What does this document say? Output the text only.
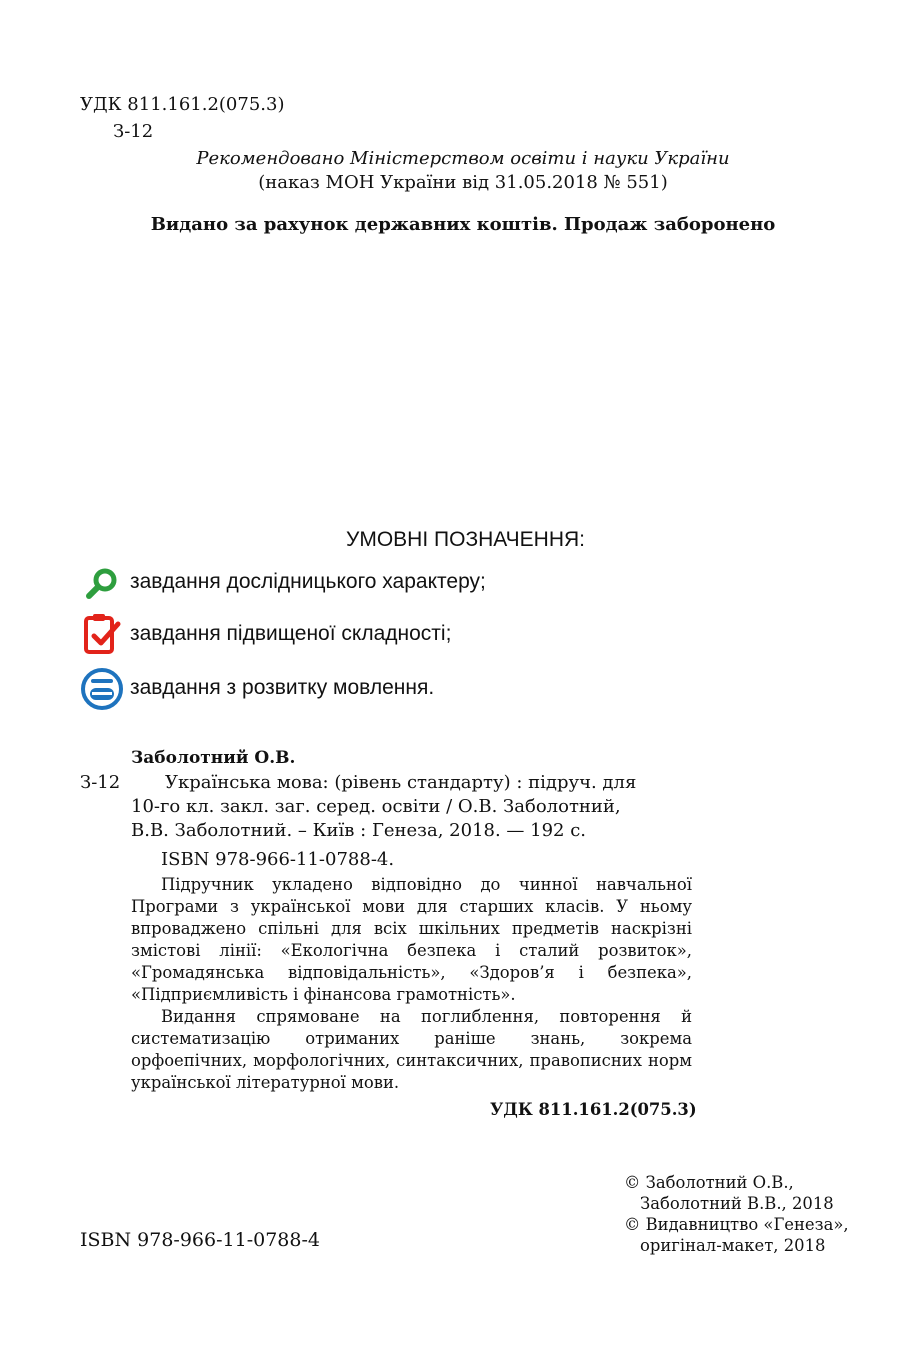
УДК 811.161.2(075.3)
З-12
Рекомендовано Міністерством освіти і науки України
(наказ МОН України від 31.05.2018 № 551)
Видано за рахунок державних коштів. Продаж заборонено
УМОВНІ ПОЗНАЧЕННЯ:
завдання дослідницького характеру;
завдання підвищеної складності;
завдання з розвитку мовлення.
Заболотний О.В.
З-12 Українська мова: (рівень стандарту) : підруч. для
10-го кл. закл. заг. серед. освіти / О.В. Заболотний,
В.В. Заболотний. – Київ : Генеза, 2018. — 192 с.
ISBN 978-966-11-0788-4.

Підручник укладено відповідно до чинної навчальної Програми з української мови для старших класів. У ньому впроваджено спільні для всіх шкільних предметів наскрізні змістові лінії: «Екологічна безпека і сталий розвиток», «Громадянська відповідальність», «Здоров’я і безпека», «Підприємливість і фінансова грамотність».

Видання спрямоване на поглиблення, повторення й систематизацію отриманих раніше знань, зокрема орфоепічних, морфологічних, синтаксичних, правописних норм української літературної мови.

УДК 811.161.2(075.3)
ISBN 978-966-11-0788-4
© Заболотний О.В.,
Заболотний В.В., 2018
© Видавництво «Генеза»,
оригінал-макет, 2018
